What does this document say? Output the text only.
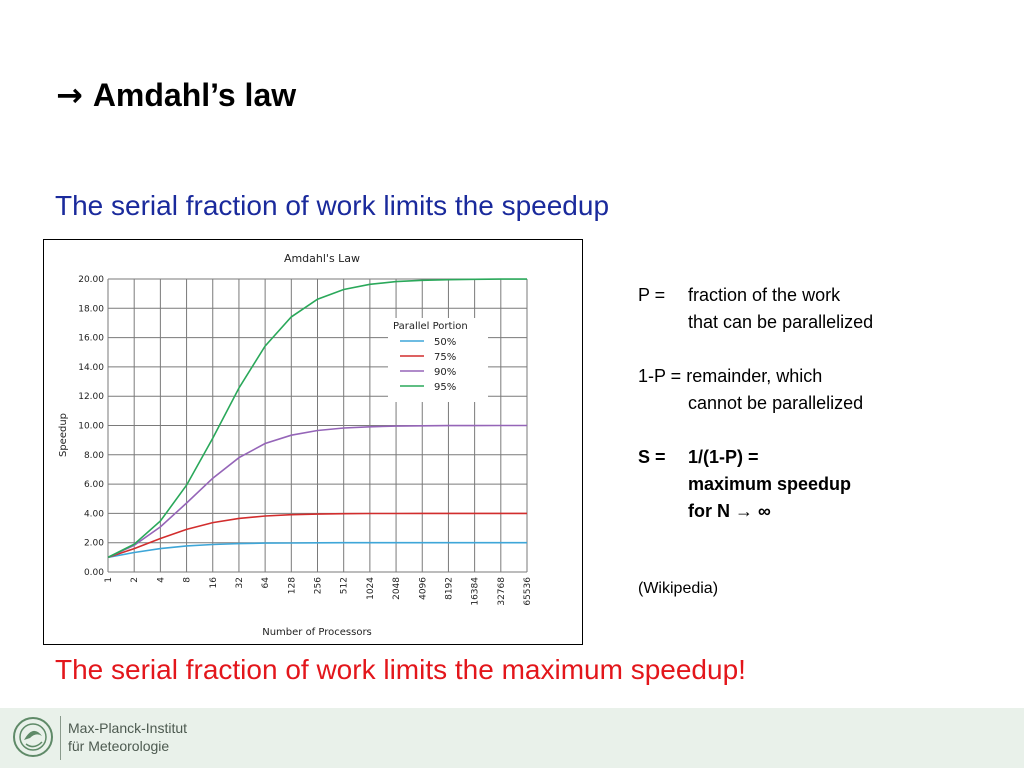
→ Amdahl’s law
The serial fraction of work limits the speedup
Amdahl's Law
Number of Processors
Speedup
1 2 4 8 16 32 64 128 256 512 1024 2048 4096 8192 16384 32768 65536
0.00
2.00
4.00
6.00
8.00
10.00
12.00
14.00
16.00
18.00
20.00
Parallel Portion
50%
75%
90%
95%
P =	fraction of the work
that can be parallelized
1-P = remainder, which
cannot be parallelized
S =	1/(1-P) =
maximum speedup
for N → ∞
(Wikipedia)
The serial fraction of work limits the maximum speedup!
Max-Planck-Institut
für Meteorologie
